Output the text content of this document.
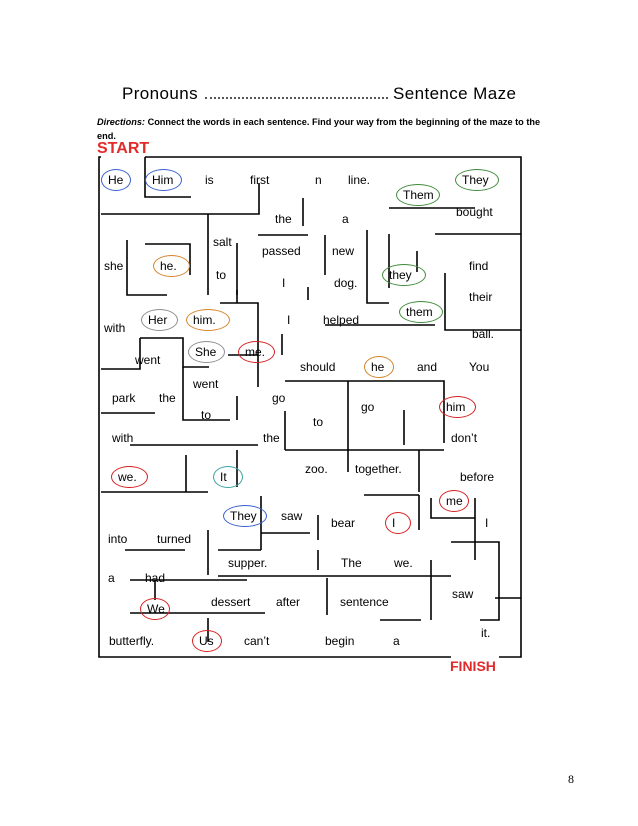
Pronouns	Sentence Maze
Directions: Connect the words in each sentence. Find your way from the beginning of the maze to the end.
START
FINISH
He Him	is	first	n line.	They
Them
bought
the	a
salt
passed	new
she	he.
to
I	dog.
they
find
their
with
Her him.	I	helped
them
ball.
went
She me.
should	he	and	You
went
park the	go
go	him
to
to
with	the	don’t
we.	It
zoo. together.
before
me
They saw bear	I	I
into turned
supper.	The	we.
a	had
saw
We	dessert after	sentence
it.
butterfly.	Us	can’t	begin	a
8
